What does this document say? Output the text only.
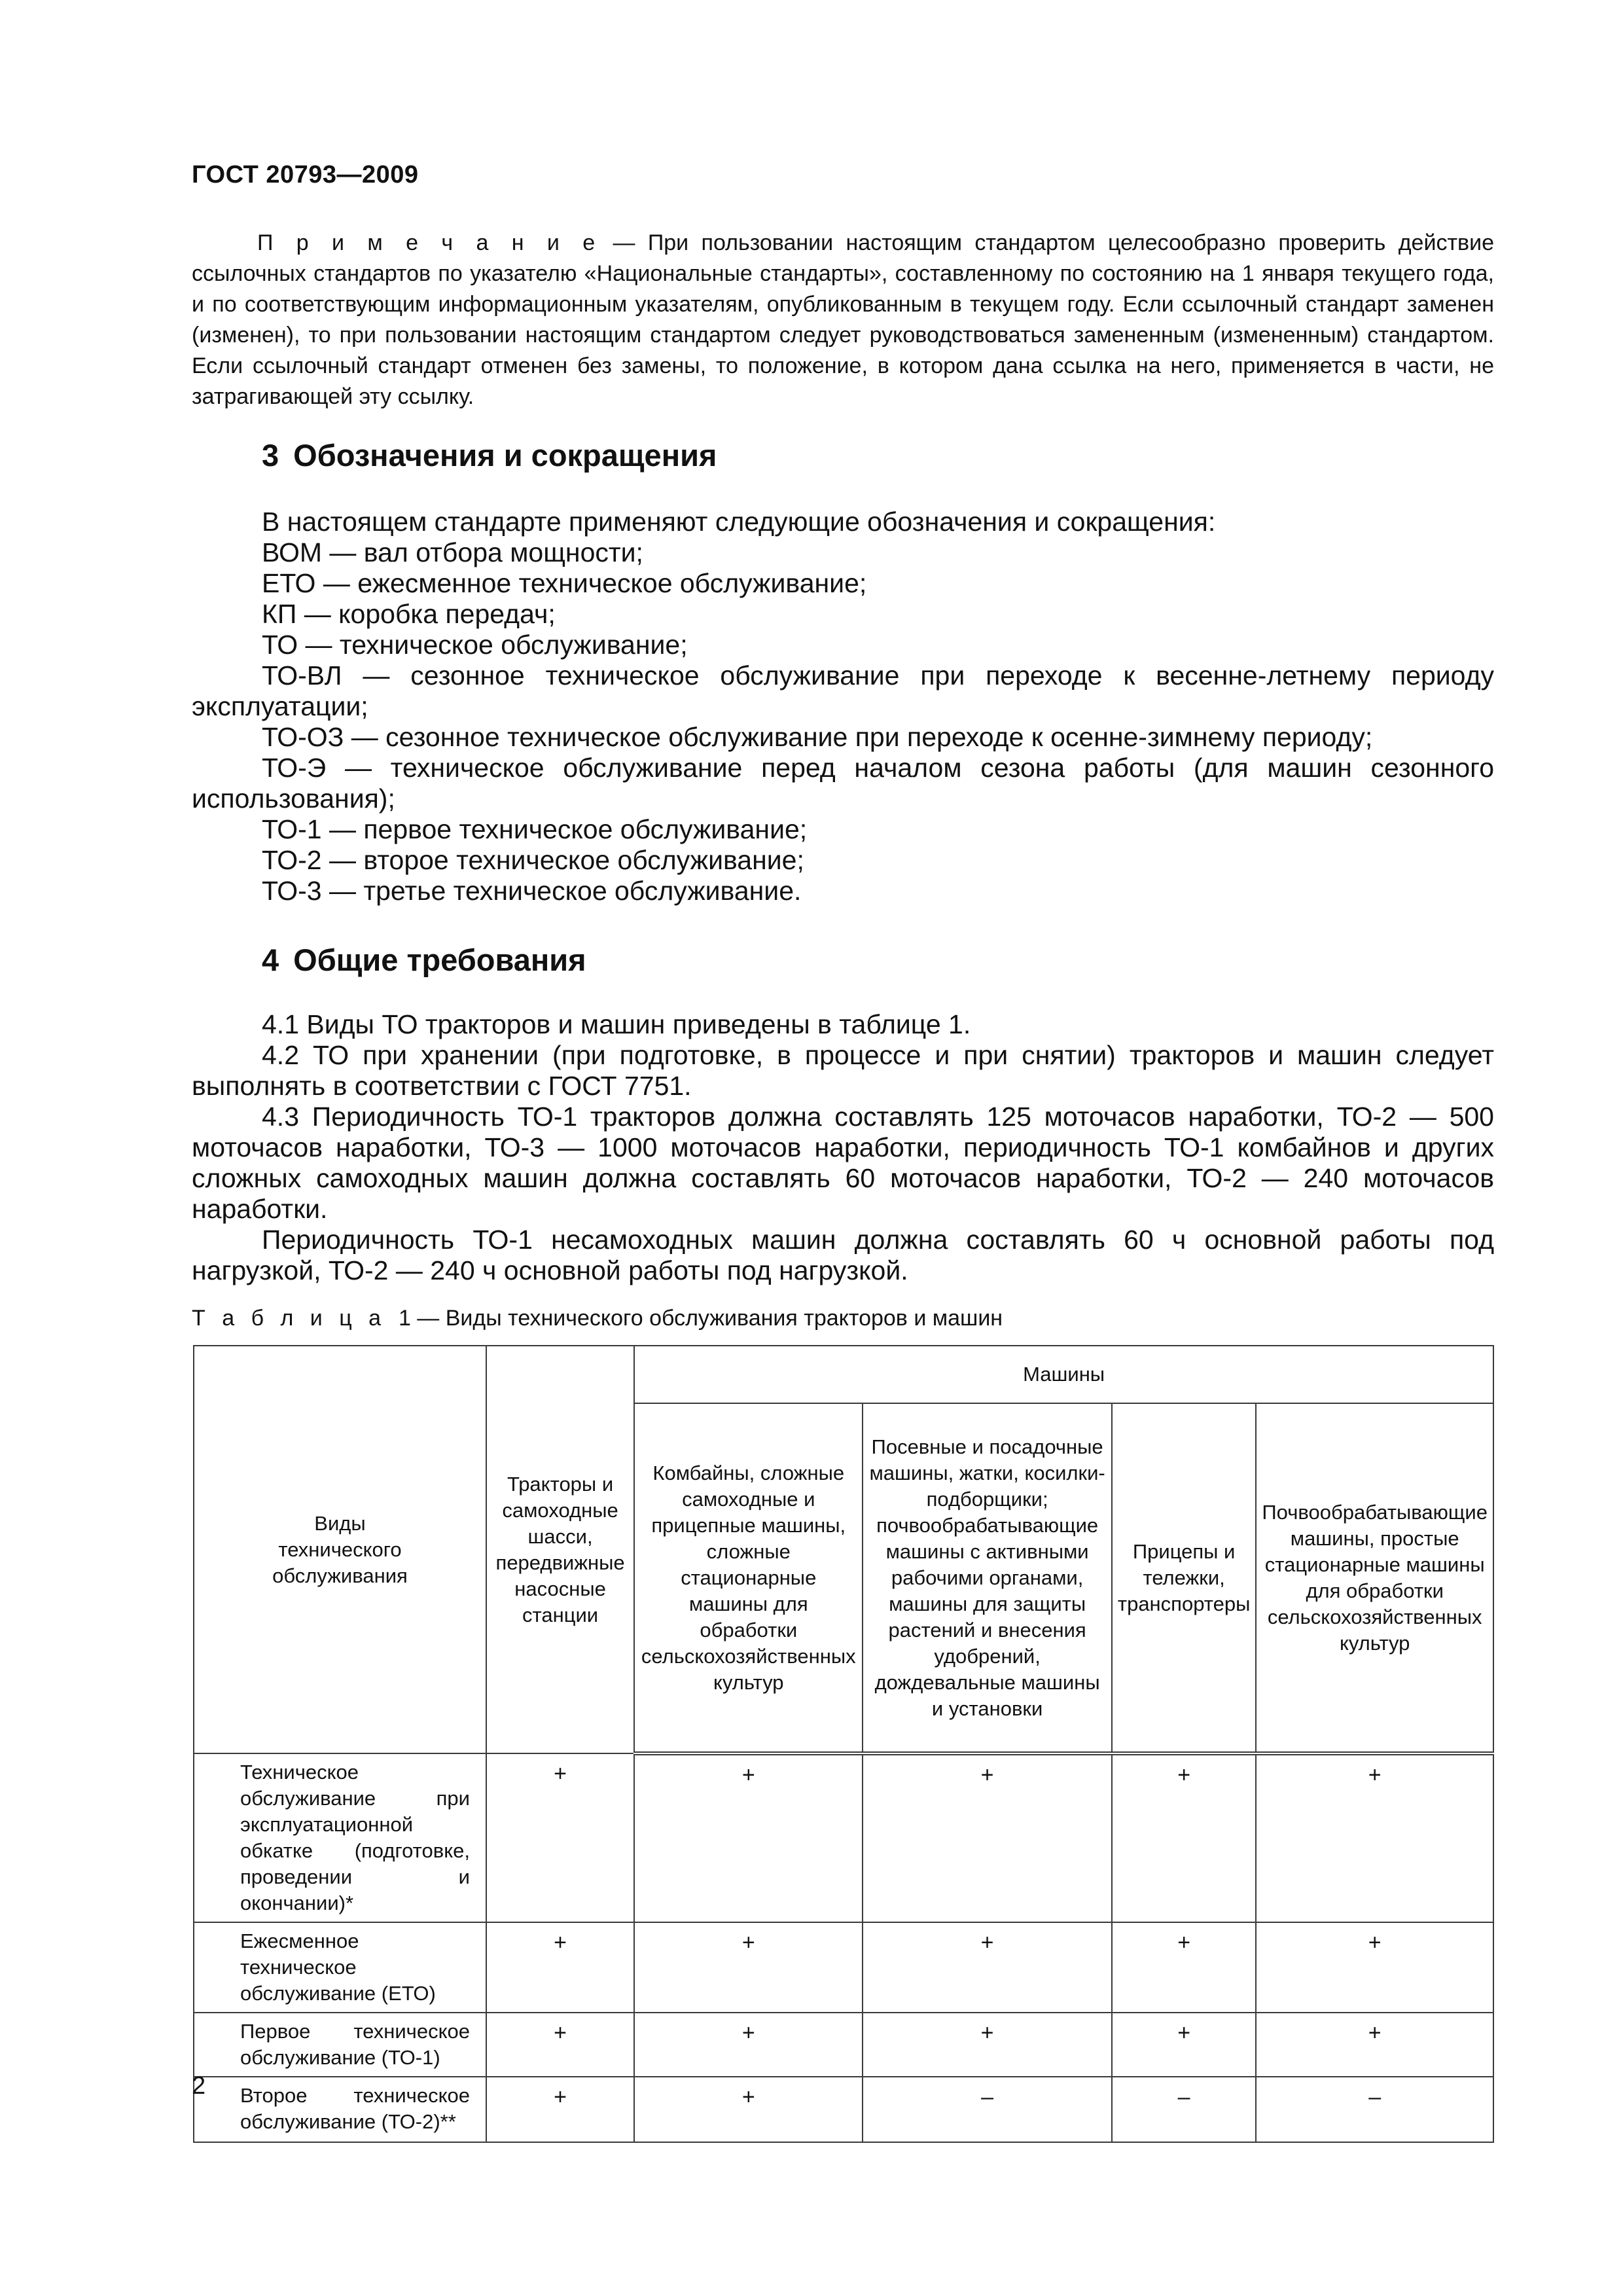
ГОСТ 20793—2009

П р и м е ч а н и е — При пользовании настоящим стандартом целесообразно проверить действие ссылочных стандартов по указателю «Национальные стандарты», составленному по состоянию на 1 января текущего года, и по соответствующим информационным указателям, опубликованным в текущем году. Если ссылочный стандарт заменен (изменен), то при пользовании настоящим стандартом следует руководствоваться замененным (измененным) стандартом. Если ссылочный стандарт отменен без замены, то положение, в котором дана ссылка на него, применяется в части, не затрагивающей эту ссылку.

3 Обозначения и сокращения

В настоящем стандарте применяют следующие обозначения и сокращения:

ВОМ — вал отбора мощности;

ЕТО — ежесменное техническое обслуживание;

КП — коробка передач;

ТО — техническое обслуживание;

ТО-ВЛ — сезонное техническое обслуживание при переходе к весенне-летнему периоду эксплуатации;

ТО-ОЗ — сезонное техническое обслуживание при переходе к осенне-зимнему периоду;

ТО-Э — техническое обслуживание перед началом сезона работы (для машин сезонного использования);

ТО-1 — первое техническое обслуживание;

ТО-2 — второе техническое обслуживание;

ТО-3 — третье техническое обслуживание.

4 Общие требования

4.1 Виды ТО тракторов и машин приведены в таблице 1.

4.2 ТО при хранении (при подготовке, в процессе и при снятии) тракторов и машин следует выполнять в соответствии с ГОСТ 7751.

4.3 Периодичность ТО-1 тракторов должна составлять 125 моточасов наработки, ТО-2 — 500 моточасов наработки, ТО-3 — 1000 моточасов наработки, периодичность ТО-1 комбайнов и других сложных самоходных машин должна составлять 60 моточасов наработки, ТО-2 — 240 моточасов наработки.

Периодичность ТО-1 несамоходных машин должна составлять 60 ч основной работы под нагрузкой, ТО-2 — 240 ч основной работы под нагрузкой.

Т а б л и ц а 1 — Виды технического обслуживания тракторов и машин
Виды технического обслуживания	Тракторы и самоходные шасси, передвижные насосные станции	Машины			
		Комбайны, сложные самоходные и прицепные машины, сложные стационарные машины для обработки сельскохозяйственных культур	Посевные и посадочные машины, жатки, косилки-подборщики; почвообрабатывающие машины с активными рабочими органами, машины для защиты растений и внесения удобрений, дождевальные машины и установки	Прицепы и тележки, транспортеры	Почвообрабатывающие машины, простые стационарные машины для обработки сельскохозяйственных культур
Техническое обслуживание при эксплуатационной обкатке (подготовке, проведении и окончании)*	+	+	+	+	+
Ежесменное техническое обслуживание (ЕТО)	+	+	+	+	+
Первое техническое обслуживание (ТО-1)	+	+	+	+	+
Второе техническое обслуживание (ТО-2)**	+	+	–	–	–
2
